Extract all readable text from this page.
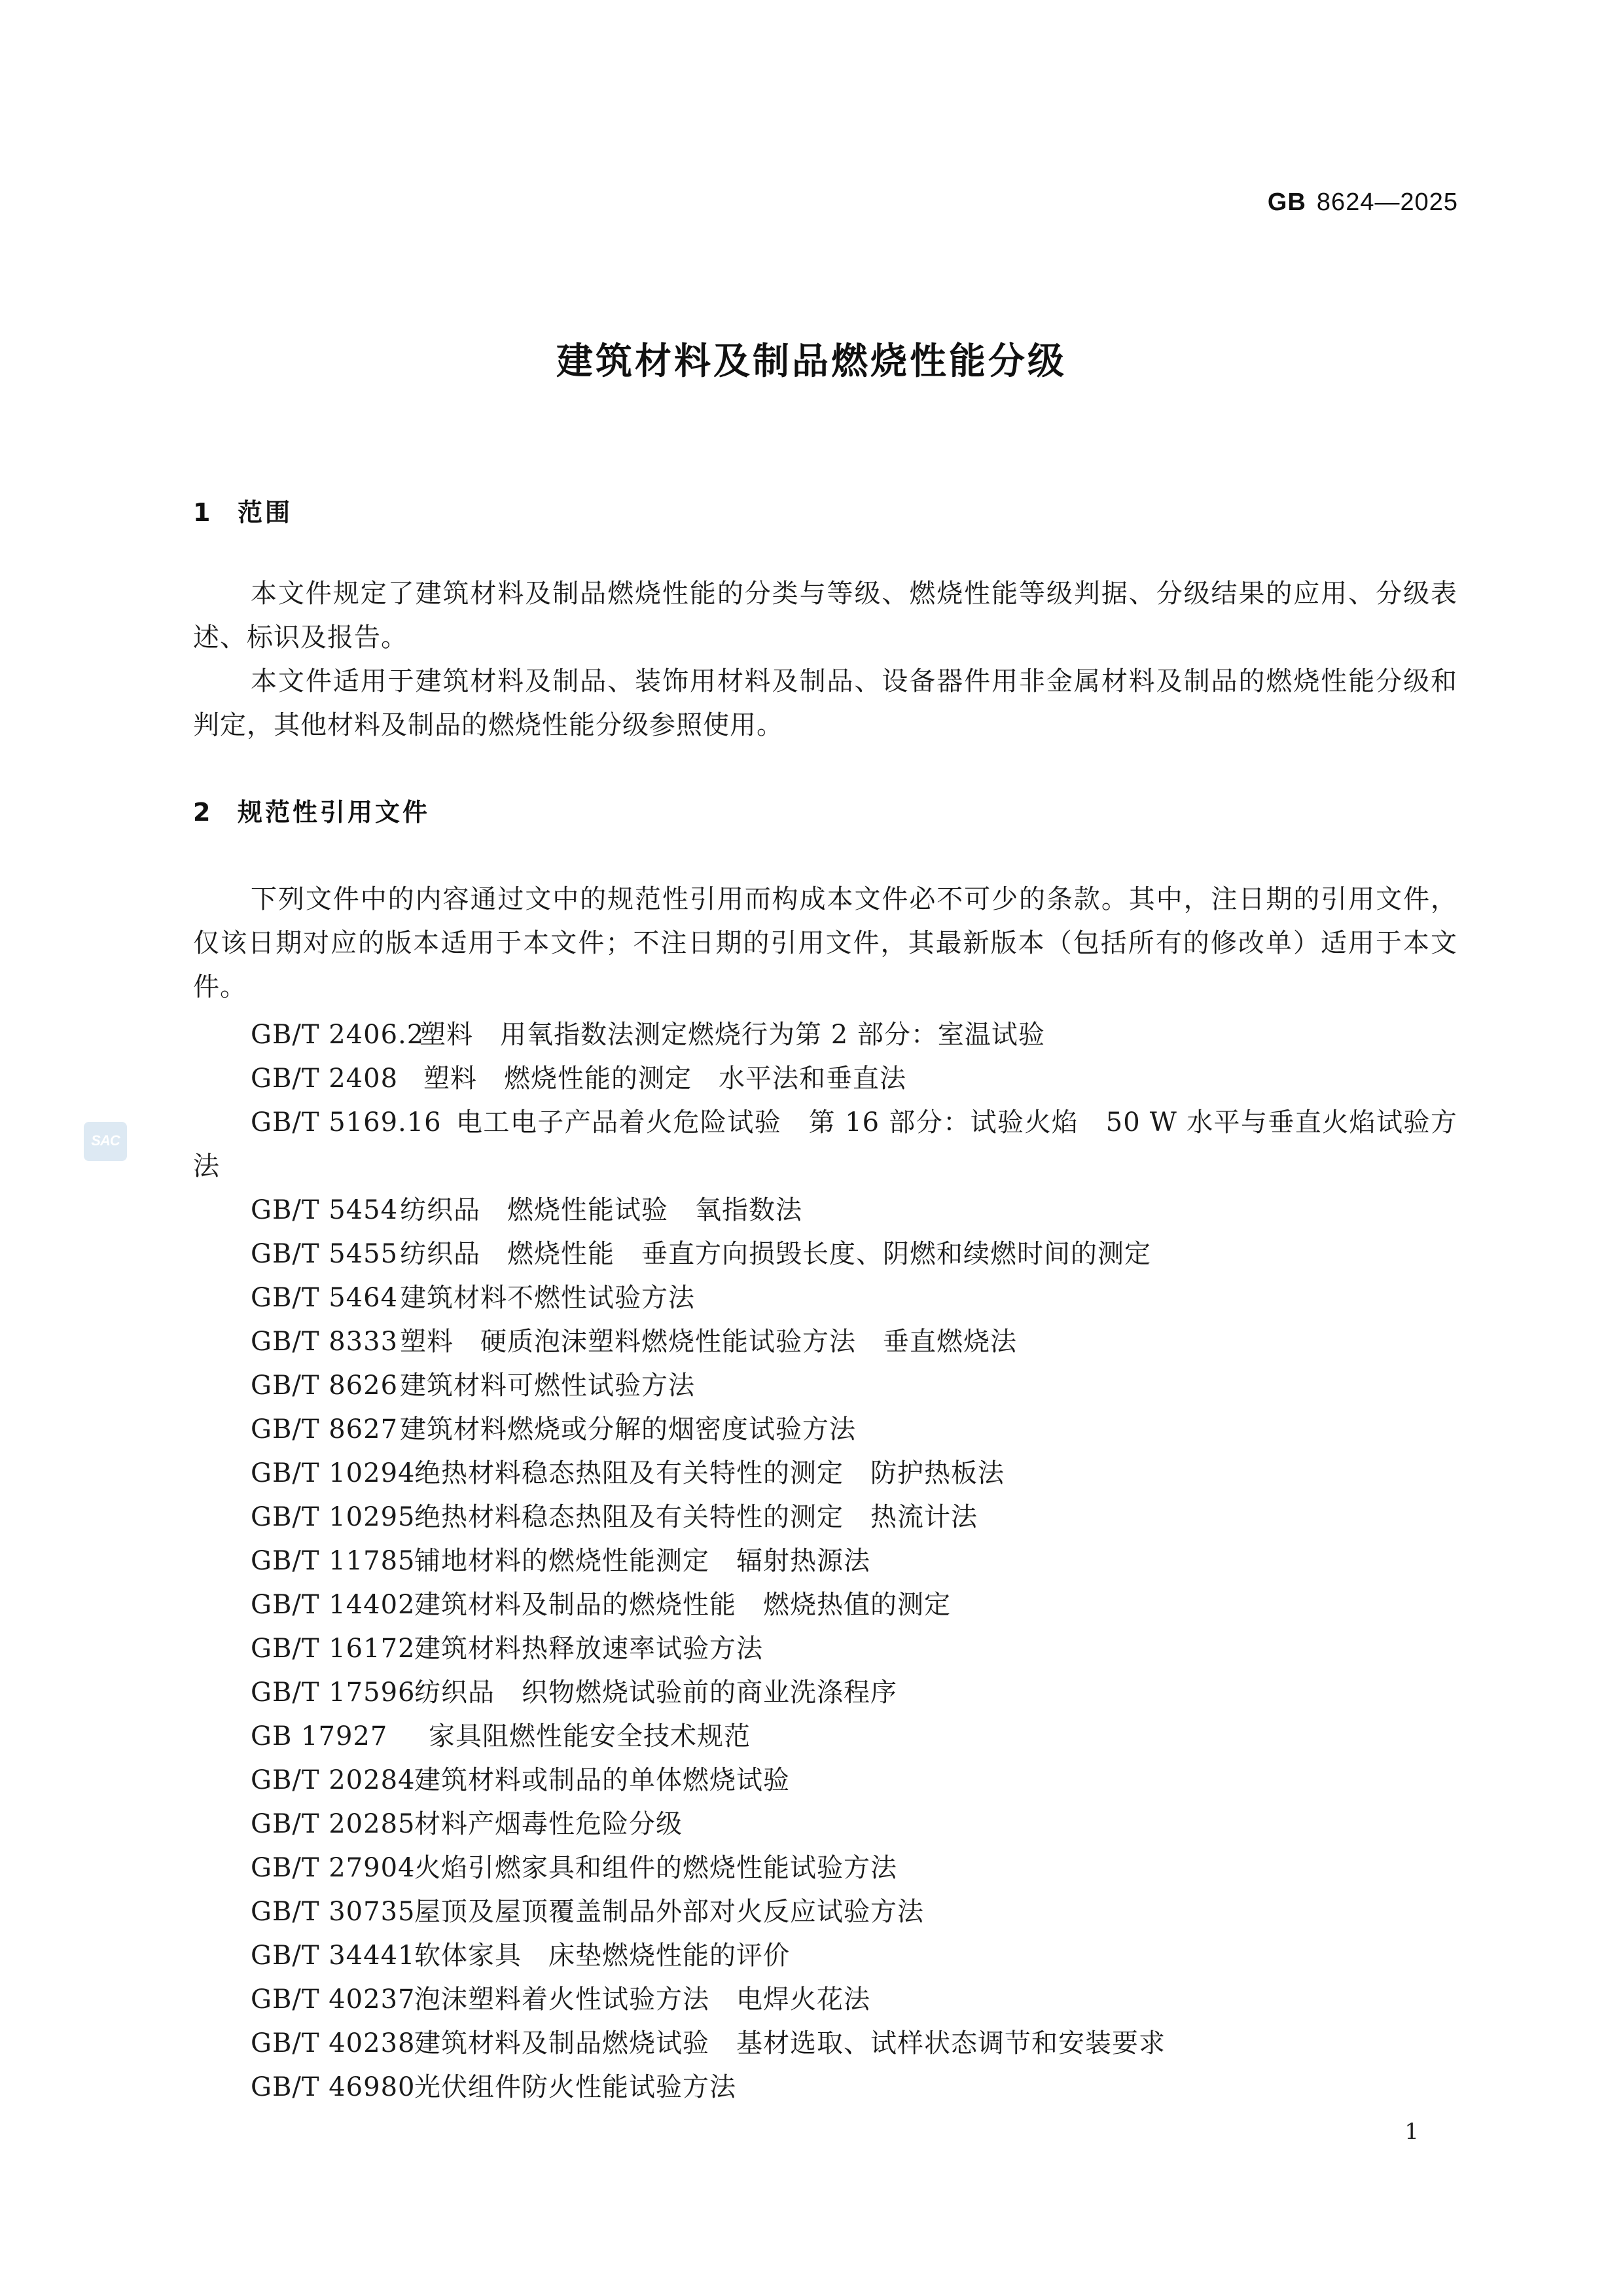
GB 8624—2025
建筑材料及制品燃烧性能分级
1 范围
本文件规定了建筑材料及制品燃烧性能的分类与等级、燃烧性能等级判据、分级结果的应用、分级表述、标识及报告。
本文件适用于建筑材料及制品、装饰用材料及制品、设备器件用非金属材料及制品的燃烧性能分级和判定，其他材料及制品的燃烧性能分级参照使用。
2 规范性引用文件
下列文件中的内容通过文中的规范性引用而构成本文件必不可少的条款。其中，注日期的引用文件，仅该日期对应的版本适用于本文件；不注日期的引用文件，其最新版本（包括所有的修改单）适用于本文件。
GB/T 2406.2塑料　用氧指数法测定燃烧行为第 2 部分：室温试验
GB/T 2408 塑料　燃烧性能的测定　水平法和垂直法
GB/T 5169.16 电工电子产品着火危险试验　第 16 部分：试验火焰　50 W 水平与垂直火焰试验方法
GB/T 5454纺织品　燃烧性能试验　氧指数法
GB/T 5455纺织品　燃烧性能　垂直方向损毁长度、阴燃和续燃时间的测定
GB/T 5464建筑材料不燃性试验方法
GB/T 8333塑料　硬质泡沫塑料燃烧性能试验方法　垂直燃烧法
GB/T 8626建筑材料可燃性试验方法
GB/T 8627建筑材料燃烧或分解的烟密度试验方法
GB/T 10294绝热材料稳态热阻及有关特性的测定　防护热板法
GB/T 10295绝热材料稳态热阻及有关特性的测定　热流计法
GB/T 11785铺地材料的燃烧性能测定　辐射热源法
GB/T 14402建筑材料及制品的燃烧性能　燃烧热值的测定
GB/T 16172建筑材料热释放速率试验方法
GB/T 17596纺织品　织物燃烧试验前的商业洗涤程序
GB 17927 家具阻燃性能安全技术规范
GB/T 20284建筑材料或制品的单体燃烧试验
GB/T 20285材料产烟毒性危险分级
GB/T 27904火焰引燃家具和组件的燃烧性能试验方法
GB/T 30735屋顶及屋顶覆盖制品外部对火反应试验方法
GB/T 34441软体家具　床垫燃烧性能的评价
GB/T 40237泡沫塑料着火性试验方法　电焊火花法
GB/T 40238建筑材料及制品燃烧试验　基材选取、试样状态调节和安装要求
GB/T 46980光伏组件防火性能试验方法
SAC
1
